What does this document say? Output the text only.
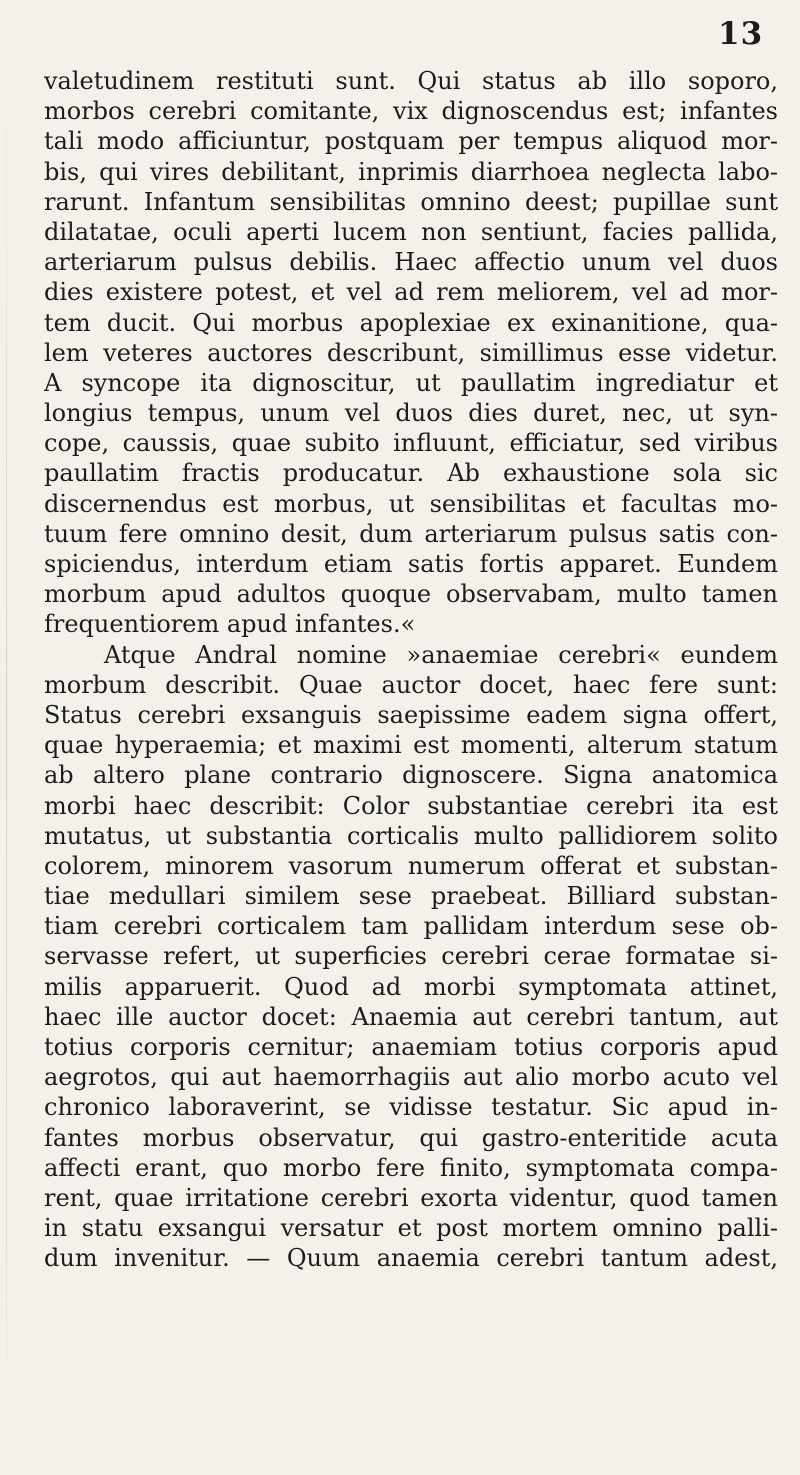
13
valetudinem restituti sunt. Qui status ab illo soporo,
morbos cerebri comitante, vix dignoscendus est; infantes
tali modo afficiuntur, postquam per tempus aliquod mor-
bis, qui vires debilitant, inprimis diarrhoea neglecta labo-
rarunt. Infantum sensibilitas omnino deest; pupillae sunt
dilatatae, oculi aperti lucem non sentiunt, facies pallida,
arteriarum pulsus debilis. Haec affectio unum vel duos
dies existere potest, et vel ad rem meliorem, vel ad mor-
tem ducit. Qui morbus apoplexiae ex exinanitione, qua-
lem veteres auctores describunt, simillimus esse videtur.
A syncope ita dignoscitur, ut paullatim ingrediatur et
longius tempus, unum vel duos dies duret, nec, ut syn-
cope, caussis, quae subito influunt, efficiatur, sed viribus
paullatim fractis producatur. Ab exhaustione sola sic
discernendus est morbus, ut sensibilitas et facultas mo-
tuum fere omnino desit, dum arteriarum pulsus satis con-
spiciendus, interdum etiam satis fortis apparet. Eundem
morbum apud adultos quoque observabam, multo tamen
frequentiorem apud infantes.«
Atque Andral nomine »anaemiae cerebri« eundem
morbum describit. Quae auctor docet, haec fere sunt:
Status cerebri exsanguis saepissime eadem signa offert,
quae hyperaemia; et maximi est momenti, alterum statum
ab altero plane contrario dignoscere. Signa anatomica
morbi haec describit: Color substantiae cerebri ita est
mutatus, ut substantia corticalis multo pallidiorem solito
colorem, minorem vasorum numerum offerat et substan-
tiae medullari similem sese praebeat. Billiard substan-
tiam cerebri corticalem tam pallidam interdum sese ob-
servasse refert, ut superficies cerebri cerae formatae si-
milis apparuerit. Quod ad morbi symptomata attinet,
haec ille auctor docet: Anaemia aut cerebri tantum, aut
totius corporis cernitur; anaemiam totius corporis apud
aegrotos, qui aut haemorrhagiis aut alio morbo acuto vel
chronico laboraverint, se vidisse testatur. Sic apud in-
fantes morbus observatur, qui gastro-enteritide acuta
affecti erant, quo morbo fere finito, symptomata compa-
rent, quae irritatione cerebri exorta videntur, quod tamen
in statu exsangui versatur et post mortem omnino palli-
dum invenitur. — Quum anaemia cerebri tantum adest,
